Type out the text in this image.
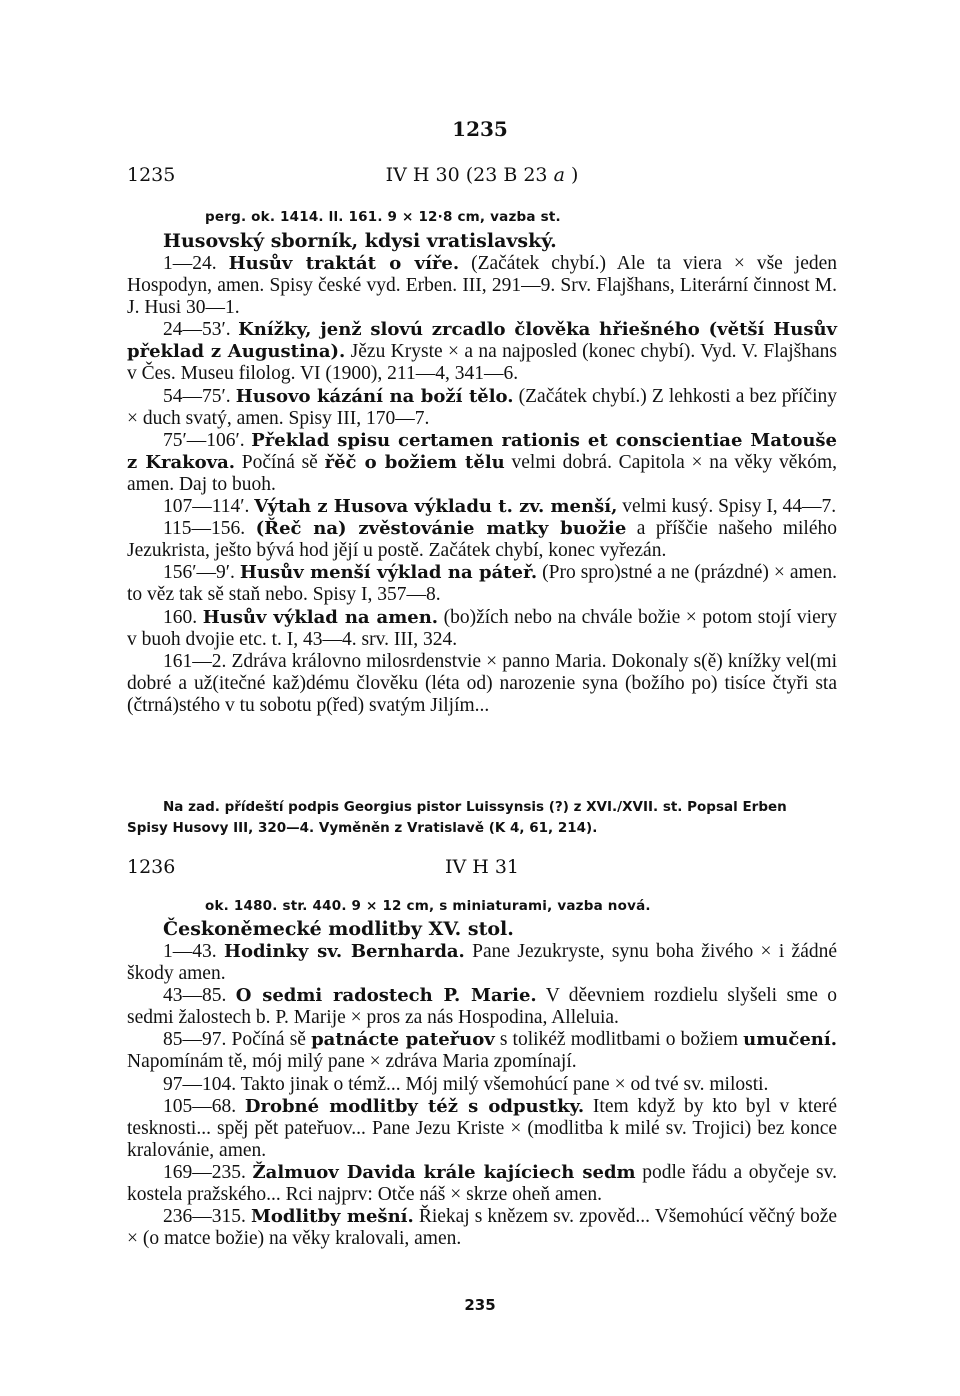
1235
1235	IV H 30 (23 B 23 a )
perg. ok. 1414. ll. 161. 9 × 12·8 cm, vazba st.
Husovský sborník, kdysi vratislavský.

1—24. Husův traktát o víře. (Začátek chybí.) Ale ta viera × vše jeden Hospodyn, amen. Spisy české vyd. Erben. III, 291—9. Srv. Flajšhans, Literární činnost M. J. Husi 30—1.

24—53′. Knížky, jenž slovú zrcadlo člověka hřiešného (větší Husův překlad z Augustina). Jězu Kryste × a na najposled (konec chybí). Vyd. V. Flajšhans v Čes. Museu filolog. VI (1900), 211—4, 341—6.

54—75′. Husovo kázání na boží tělo. (Začátek chybí.) Z lehkosti a bez příčiny × duch svatý, amen. Spisy III, 170—7.

75′—106′. Překlad spisu certamen rationis et conscientiae Matouše z Krakova. Počíná sě řěč o božiem tělu velmi dobrá. Capitola × na věky věkóm, amen. Daj to buoh.

107—114′. Výtah z Husova výkladu t. zv. menší, velmi kusý. Spisy I, 44—7.

115—156. (Řeč na) zvěstovánie matky buožie a příščie našeho milého Jezukrista, ješto bývá hod jějí u postě. Začátek chybí, konec vyřezán.

156′—9′. Husův menší výklad na páteř. (Pro spro)stné a ne (prázdné) × amen. to věz tak sě staň nebo. Spisy I, 357—8.

160. Husův výklad na amen. (bo)žích nebo na chvále božie × potom stojí viery v buoh dvojie etc. t. I, 43—4. srv. III, 324.

161—2. Zdráva královno milosrdenstvie × panno Maria. Dokonaly s(ě) knížky vel(mi dobré a už(itečné kaž)dému člověku (léta od) narozenie syna (božího po) tisíce čtyři sta (čtrná)stého v tu sobotu p(řed) svatým Jiljím...

Na zad. přídeští podpis Georgius pistor Luissynsis (?) z XVI./XVII. st. Popsal Erben Spisy Husovy III, 320—4. Vyměněn z Vratislavě (K 4, 61, 214).

1236	IV H 31
ok. 1480. str. 440. 9 × 12 cm, s miniaturami, vazba nová.
Českoněmecké modlitby XV. stol.

1—43. Hodinky sv. Bernharda. Pane Jezukryste, synu boha živého × i žádné škody amen.

43—85. O sedmi radostech P. Marie. V děevniem rozdielu slyšeli sme o sedmi žalostech b. P. Marije × pros za nás Hospodina, Alleluia.

85—97. Počíná sě patnácte pateřuov s tolikéž modlitbami o božiem umučení. Napomínám tě, mój milý pane × zdráva Maria zpomínají.

97—104. Takto jinak o témž... Mój milý všemohúcí pane × od tvé sv. milosti.

105—68. Drobné modlitby též s odpustky. Item když by kto byl v které tesknosti... spěj pět pateřuov... Pane Jezu Kriste × (modlitba k milé sv. Trojici) bez konce kralovánie, amen.

169—235. Žalmuov Davida krále kajíciech sedm podle řádu a obyčeje sv. kostela pražského... Rci najprv: Otče náš × skrze oheň amen.

236—315. Modlitby mešní. Řiekaj s knězem sv. zpověd... Všemohúcí věčný bože × (o matce božie) na věky kralovali, amen.

235
